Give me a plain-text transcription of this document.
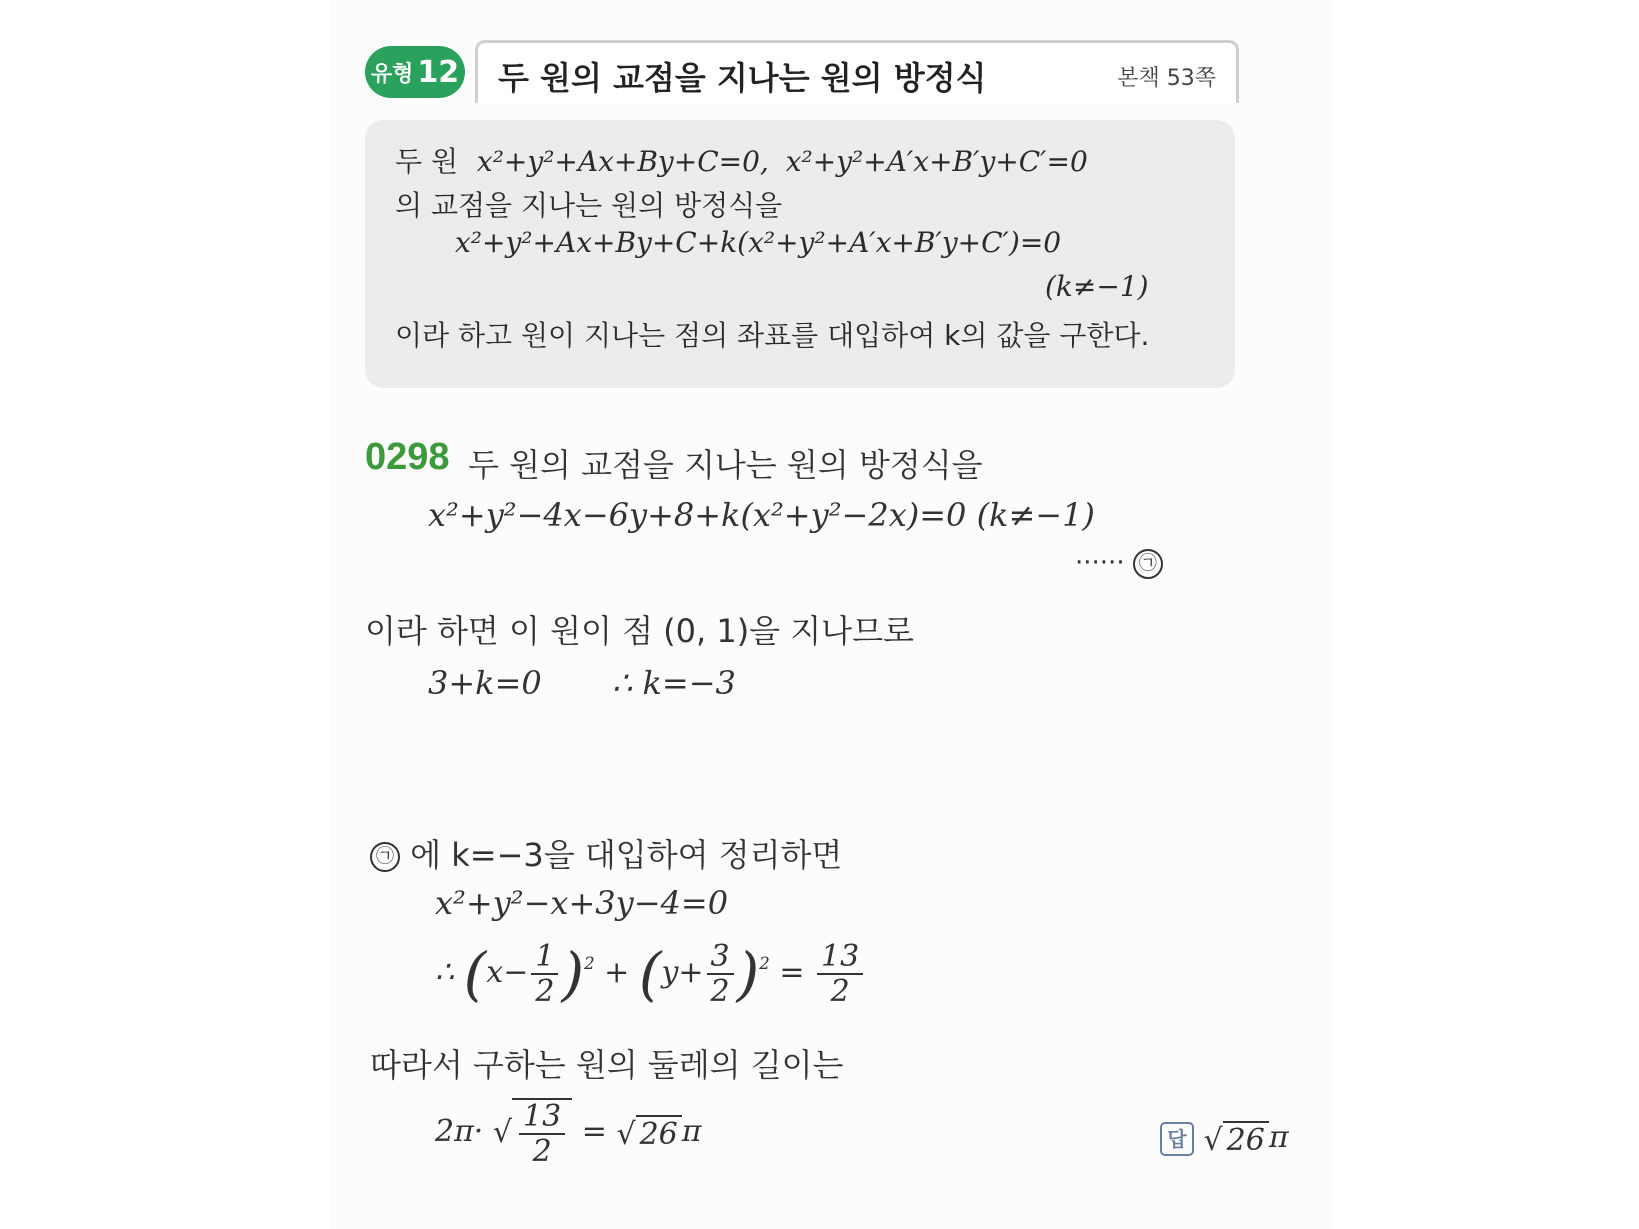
유형 12 두 원의 교점을 지나는 원의 방정식	본책 53쪽
두 원 x²+y²+Ax+By+C=0, x²+y²+A′x+B′y+C′=0
의 교점을 지나는 원의 방정식을
x²+y²+Ax+By+C+k(x²+y²+A′x+B′y+C′)=0
(k≠−1)
이라 하고 원이 지나는 점의 좌표를 대입하여 k의 값을 구한다.
0298 두 원의 교점을 지나는 원의 방정식을
x²+y²−4x−6y+8+k(x²+y²−2x)=0 (k≠−1)
······ ㉠
이라 하면 이 원이 점 (0, 1)을 지나므로
3+k=0 ∴ k=−3
㉠ 에 k=−3을 대입하여 정리하면
x²+y²−x+3y−4=0
∴ $(x- \frac{1}{2} )^2 + (y+ \frac{3}{2} )^2 = \frac{13}{2}$
따라서 구하는 원의 둘레의 길이는
2π· √ $\frac{13}{2}$ = √ 26 π	답 √ 26 π
